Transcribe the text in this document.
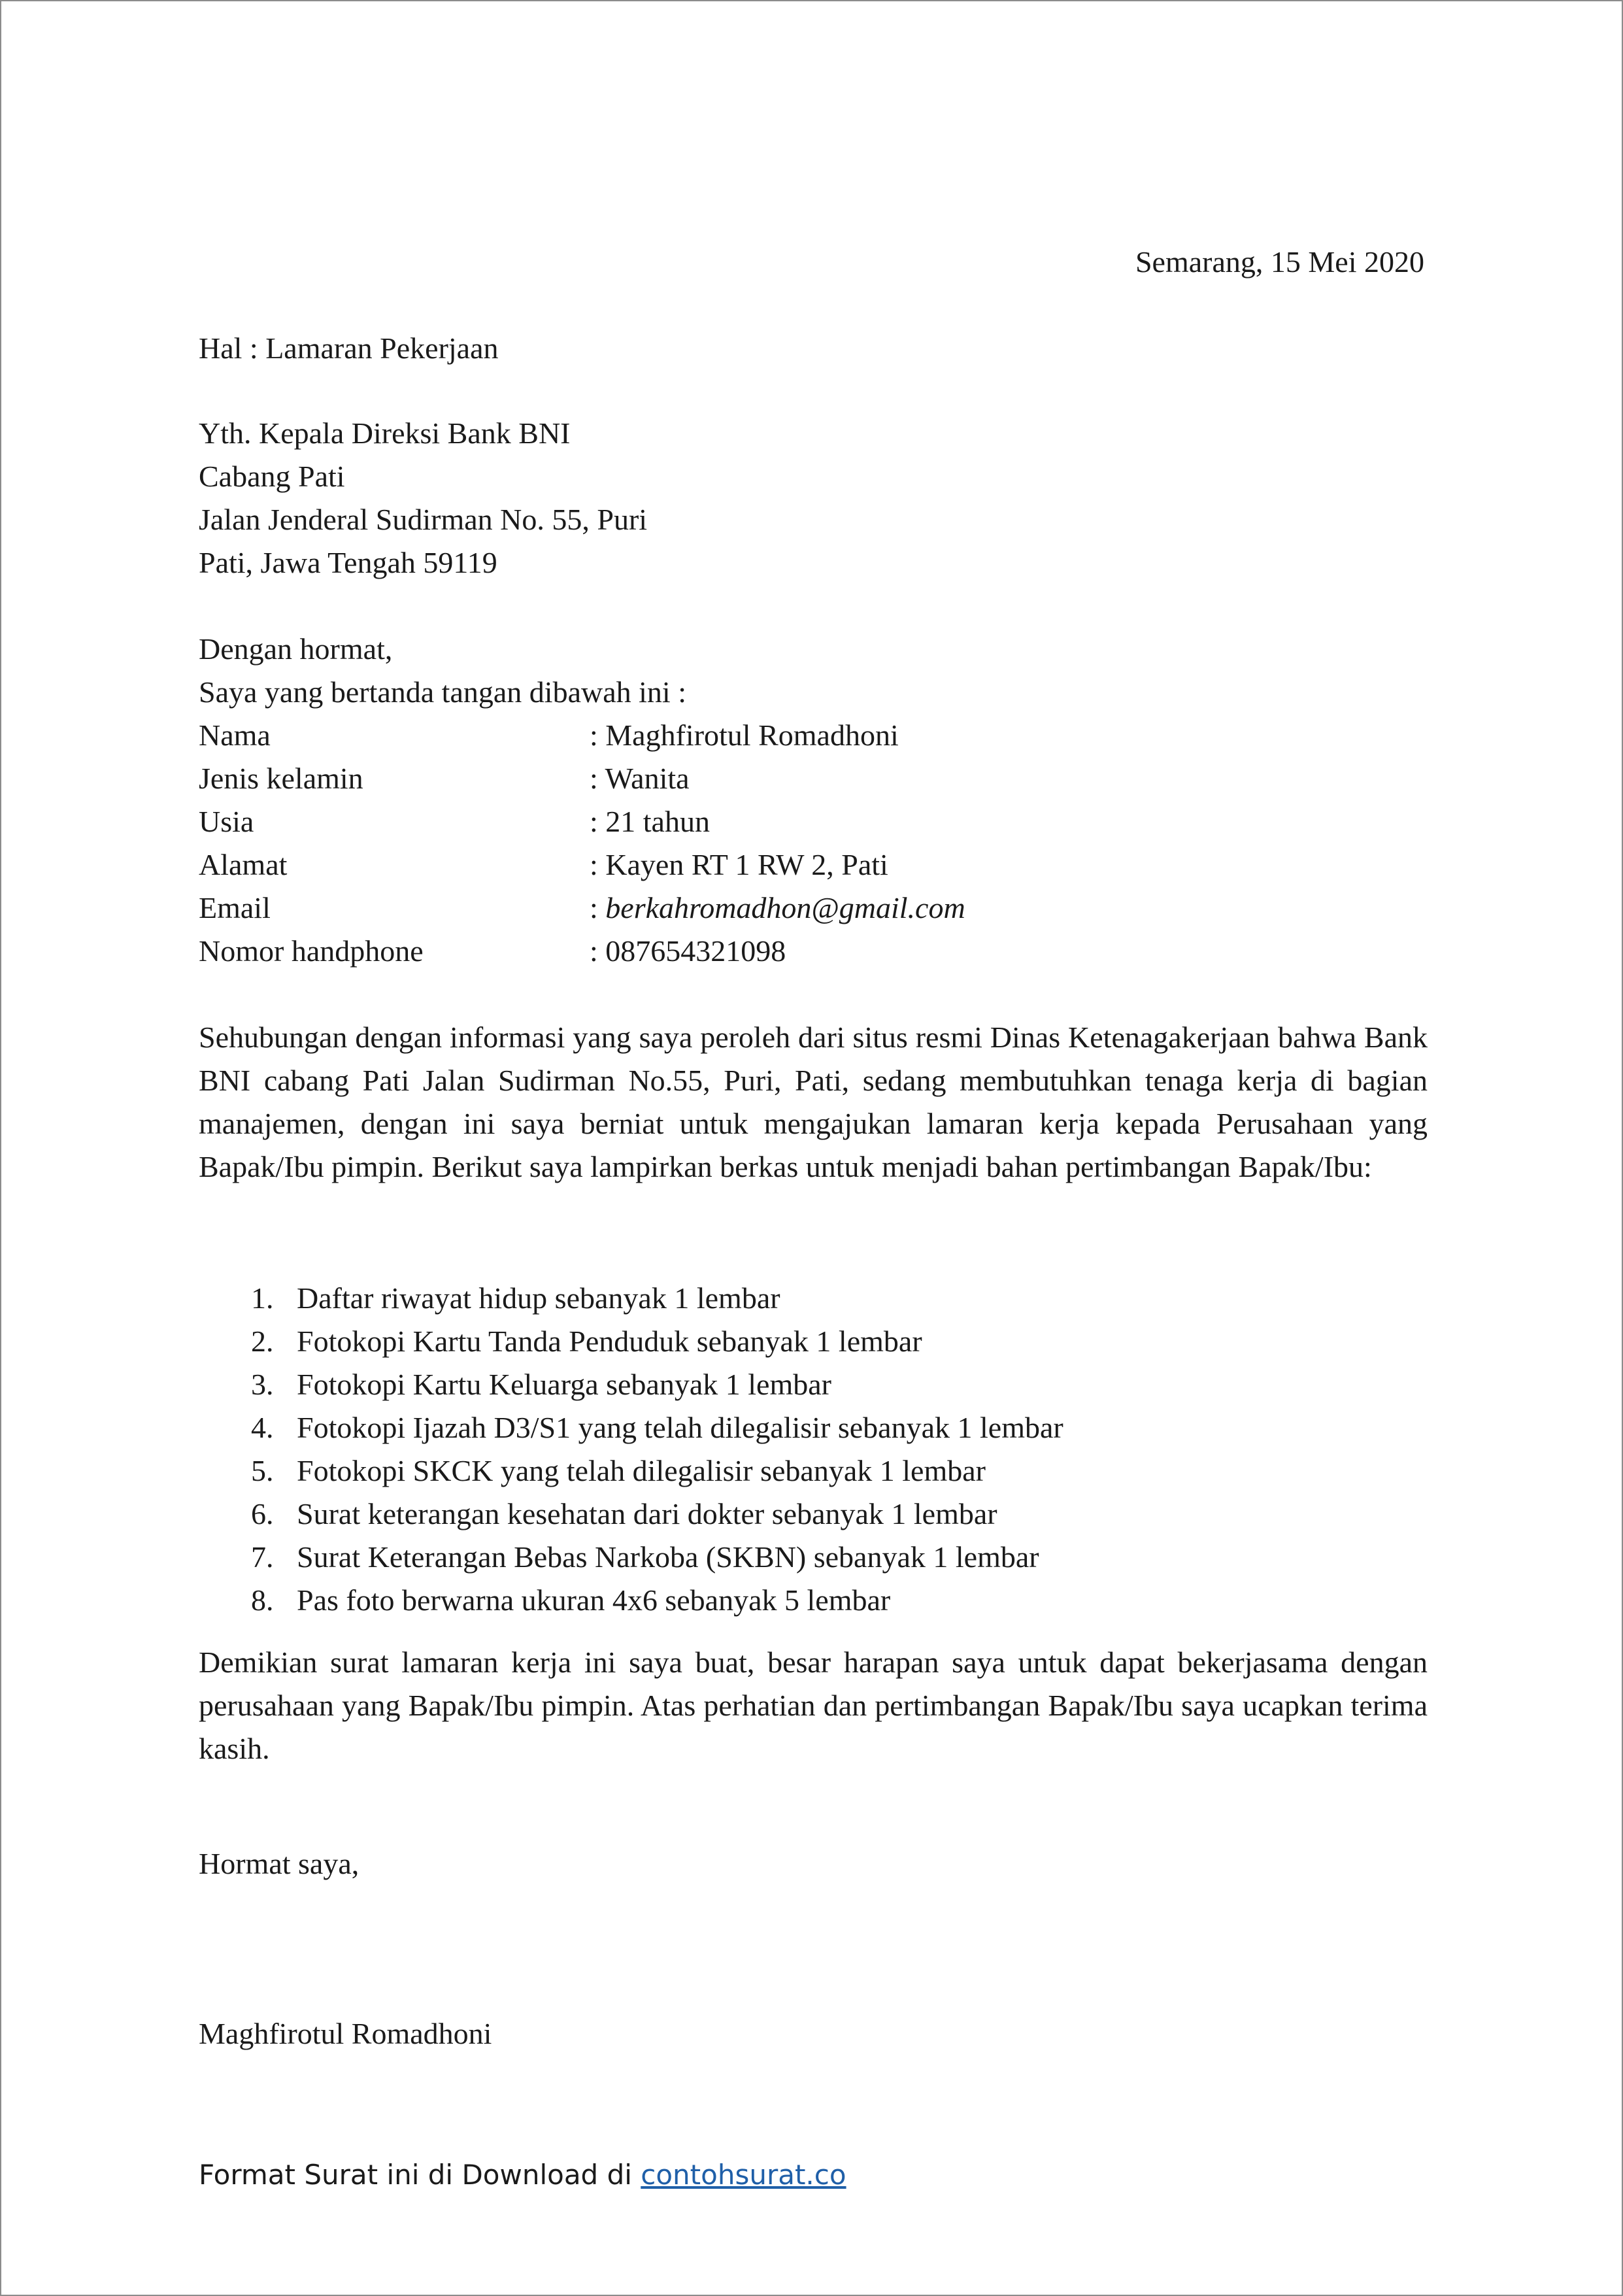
Semarang, 15 Mei 2020

Hal : Lamaran Pekerjaan

Yth. Kepala Direksi Bank BNI
Cabang Pati
Jalan Jenderal Sudirman No. 55, Puri
Pati, Jawa Tengah 59119
Dengan hormat,
Saya yang bertanda tangan dibawah ini :
Nama	: Maghfirotul Romadhoni
Jenis kelamin	: Wanita
Usia	: 21 tahun
Alamat	: Kayen RT 1 RW 2, Pati
Email	: berkahromadhon@gmail.com
Nomor handphone	: 087654321098

Sehubungan dengan informasi yang saya peroleh dari situs resmi Dinas Ketenagakerjaan bahwa Bank BNI cabang Pati Jalan Sudirman No.55, Puri, Pati, sedang membutuhkan tenaga kerja di bagian manajemen, dengan ini saya berniat untuk mengajukan lamaran kerja kepada Perusahaan yang Bapak/Ibu pimpin. Berikut saya lampirkan berkas untuk menjadi bahan pertimbangan Bapak/Ibu:

1. Daftar riwayat hidup sebanyak 1 lembar
2. Fotokopi Kartu Tanda Penduduk sebanyak 1 lembar
3. Fotokopi Kartu Keluarga sebanyak 1 lembar
4. Fotokopi Ijazah D3/S1 yang telah dilegalisir sebanyak 1 lembar
5. Fotokopi SKCK yang telah dilegalisir sebanyak 1 lembar
6. Surat keterangan kesehatan dari dokter sebanyak 1 lembar
7. Surat Keterangan Bebas Narkoba (SKBN) sebanyak 1 lembar
8. Pas foto berwarna ukuran 4x6 sebanyak 5 lembar

Demikian surat lamaran kerja ini saya buat, besar harapan saya untuk dapat bekerjasama dengan perusahaan yang Bapak/Ibu pimpin. Atas perhatian dan pertimbangan Bapak/Ibu saya ucapkan terima kasih.

Hormat saya,

Maghfirotul Romadhoni

Format Surat ini di Download di contohsurat.co
